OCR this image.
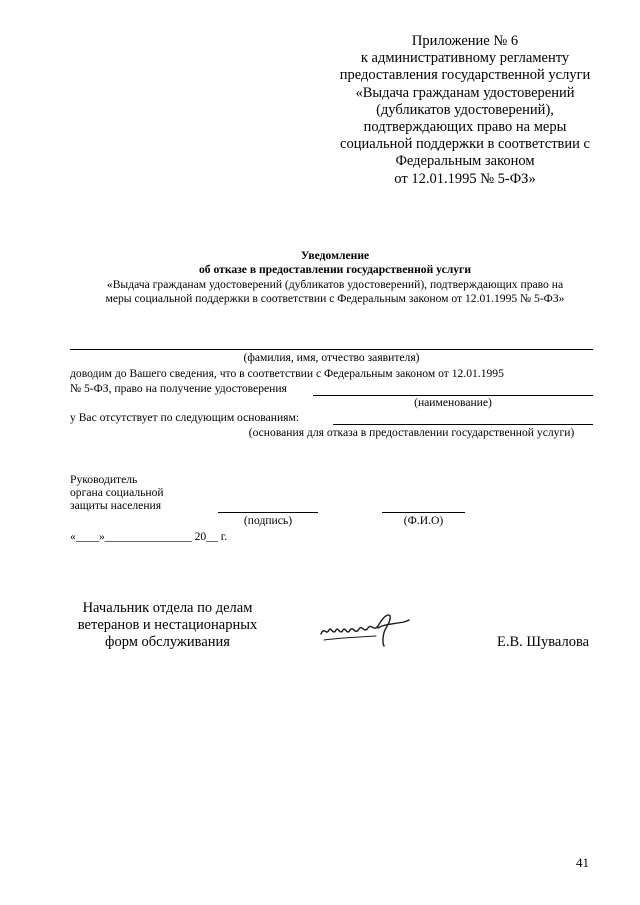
Приложение № 6
к административному регламенту
предоставления государственной услуги
«Выдача гражданам удостоверений
(дубликатов удостоверений),
подтверждающих право на меры
социальной поддержки в соответствии с
Федеральным законом
от 12.01.1995 № 5-ФЗ»
Уведомление
об отказе в предоставлении государственной услуги
«Выдача гражданам удостоверений (дубликатов удостоверений), подтверждающих право на
меры социальной поддержки в соответствии с Федеральным законом от 12.01.1995 № 5-ФЗ»
(фамилия, имя, отчество заявителя)
доводим до Вашего сведения, что в соответствии с Федеральным законом от 12.01.1995
№ 5-ФЗ, право на получение удостоверения
(наименование)
у Вас отсутствует по следующим основаниям:
(основания для отказа в предоставлении государственной услуги)
Руководитель
органа социальной
защиты населения
(подпись)	(Ф.И.О)
«____»_______________ 20__ г.
Начальник отдела по делам
ветеранов и нестационарных
форм обслуживания	Е.В. Шувалова
41
